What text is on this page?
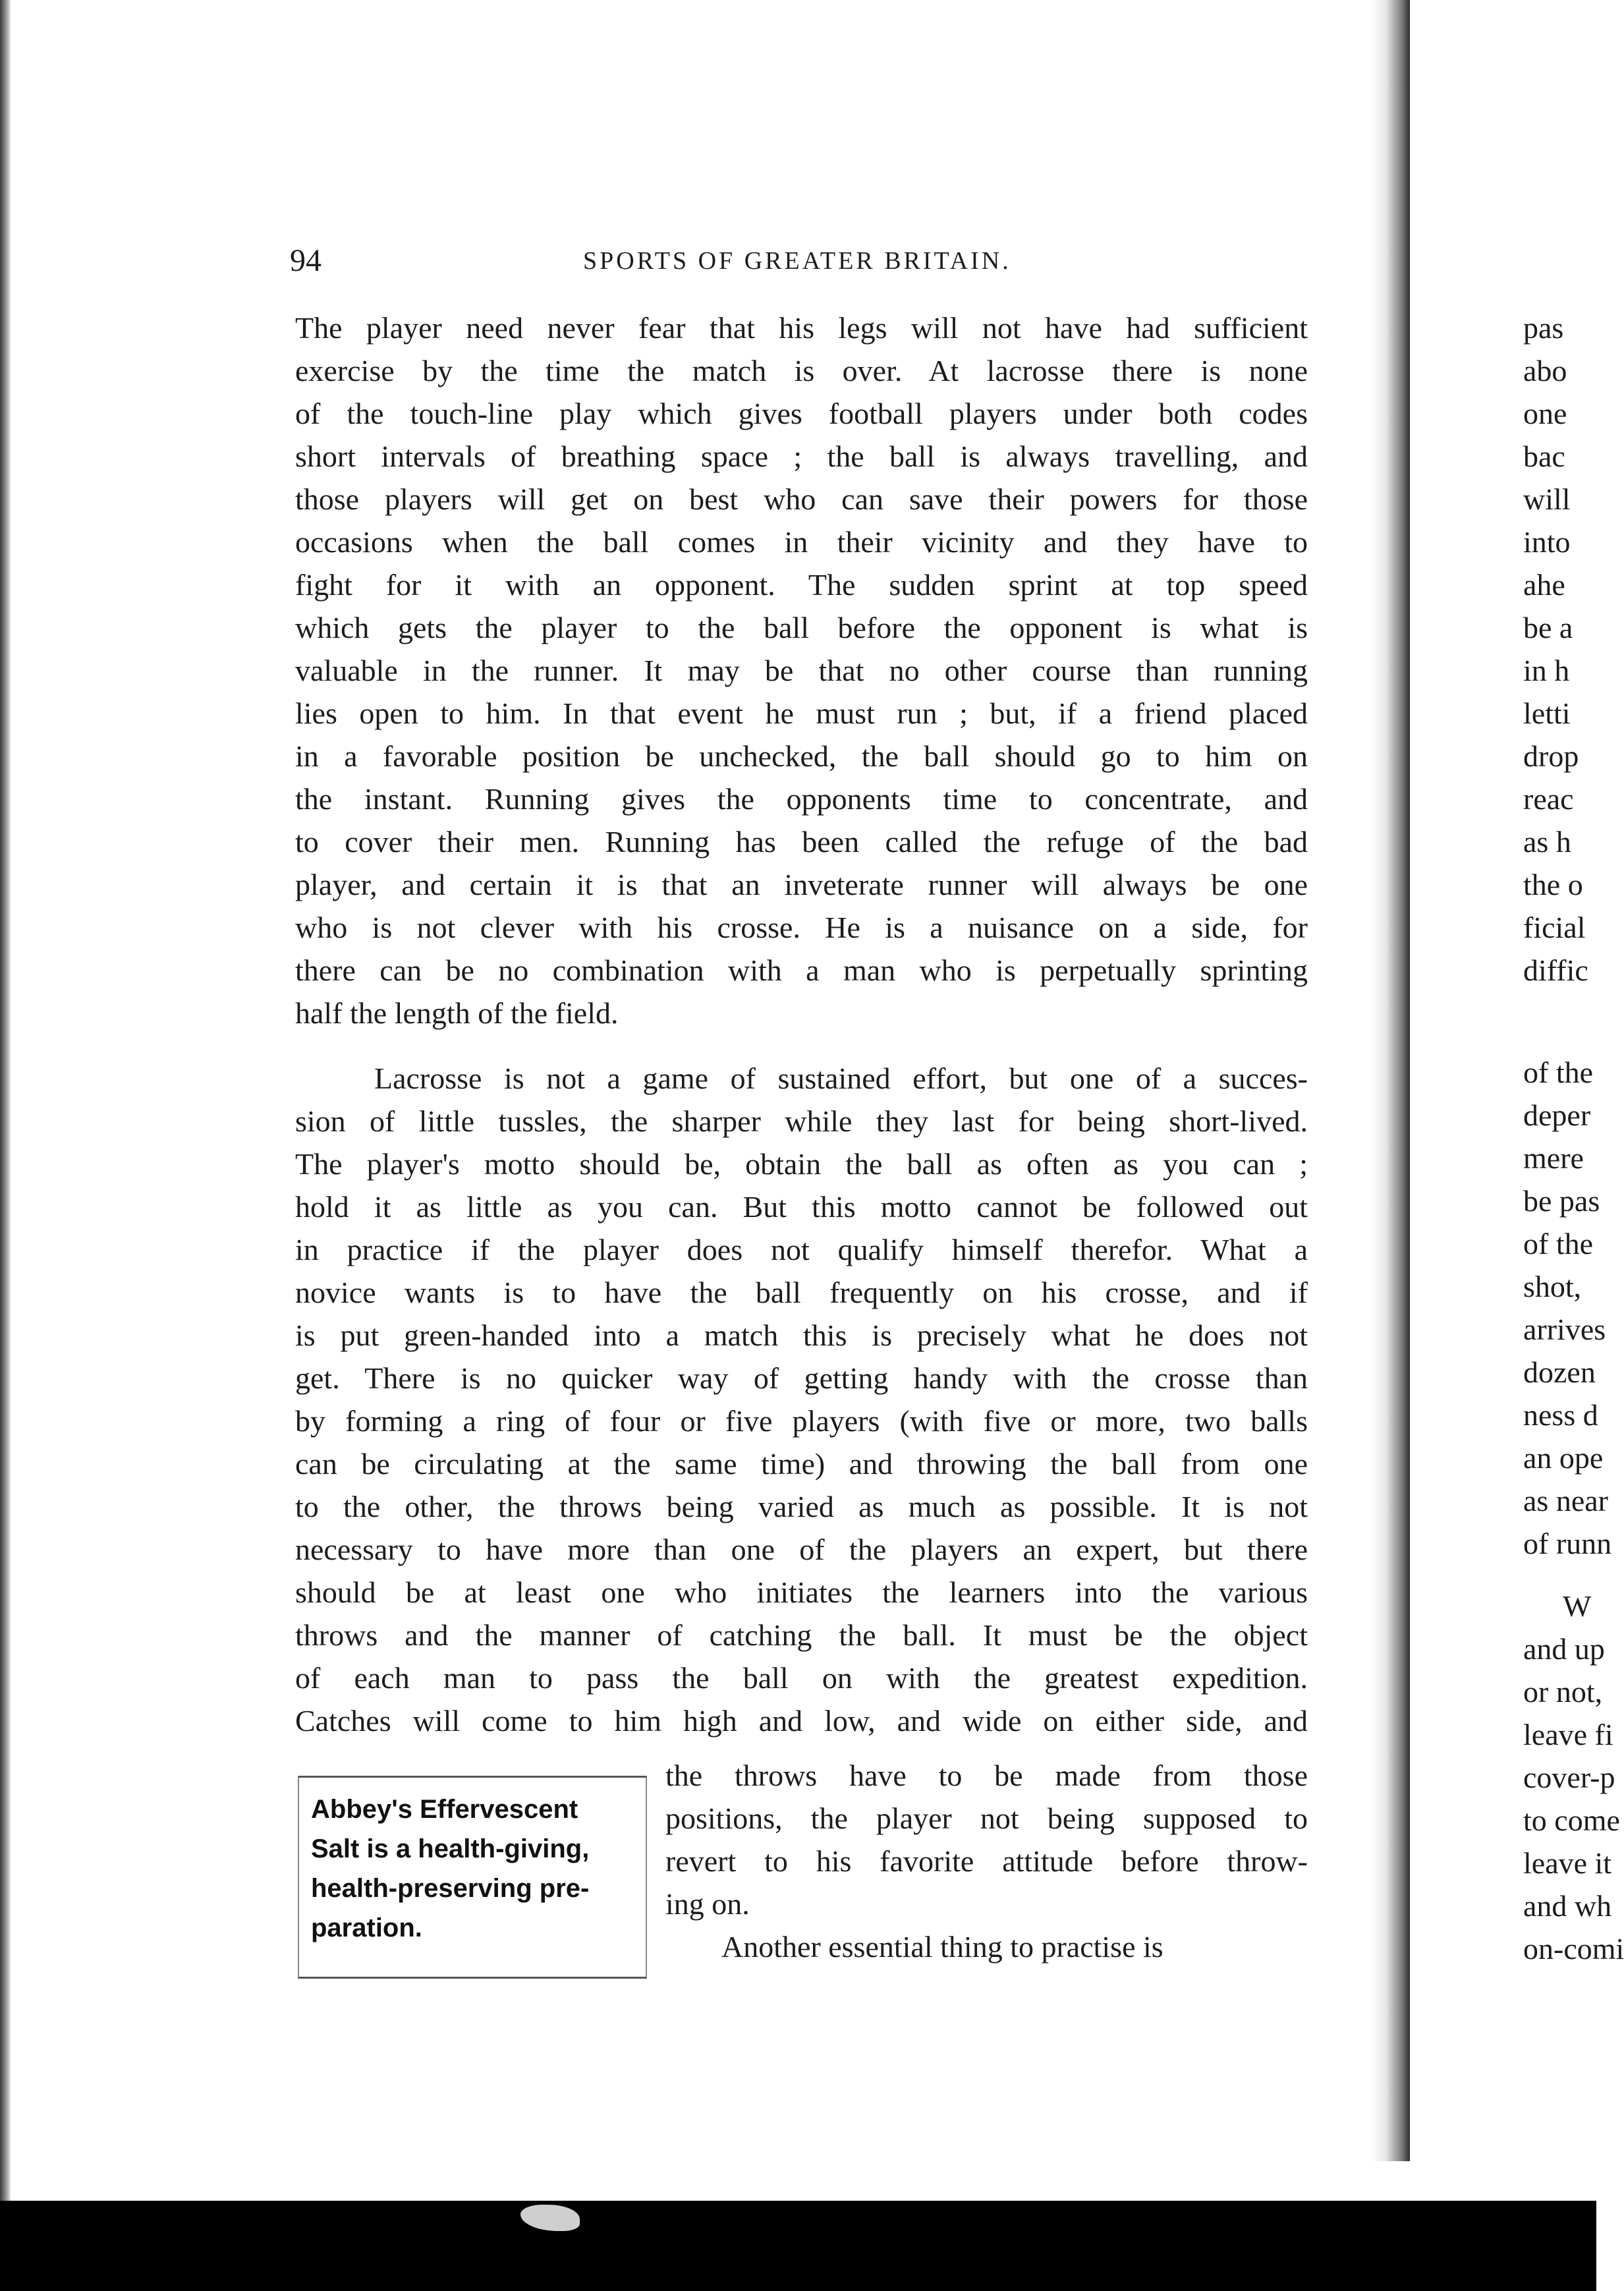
94	SPORTS OF GREATER BRITAIN.
The player need never fear that his legs will not have had sufficient
exercise by the time the match is over. At lacrosse there is none
of the touch-line play which gives football players under both codes
short intervals of breathing space ; the ball is always travelling, and
those players will get on best who can save their powers for those
occasions when the ball comes in their vicinity and they have to
fight for it with an opponent. The sudden sprint at top speed
which gets the player to the ball before the opponent is what is
valuable in the runner. It may be that no other course than running
lies open to him. In that event he must run ; but, if a friend placed
in a favorable position be unchecked, the ball should go to him on
the instant. Running gives the opponents time to concentrate, and
to cover their men. Running has been called the refuge of the bad
player, and certain it is that an inveterate runner will always be one
who is not clever with his crosse. He is a nuisance on a side, for
there can be no combination with a man who is perpetually sprinting
half the length of the field.
Lacrosse is not a game of sustained effort, but one of a succes-
sion of little tussles, the sharper while they last for being short-lived.
The player's motto should be, obtain the ball as often as you can ;
hold it as little as you can. But this motto cannot be followed out
in practice if the player does not qualify himself therefor. What a
novice wants is to have the ball frequently on his crosse, and if
is put green-handed into a match this is precisely what he does not
get. There is no quicker way of getting handy with the crosse than
by forming a ring of four or five players (with five or more, two balls
can be circulating at the same time) and throwing the ball from one
to the other, the throws being varied as much as possible. It is not
necessary to have more than one of the players an expert, but there
should be at least one who initiates the learners into the various
throws and the manner of catching the ball. It must be the object
of each man to pass the ball on with the greatest expedition.
Catches will come to him high and low, and wide on either side, and
the throws have to be made from those
positions, the player not being supposed to
revert to his favorite attitude before throw-
ing on.
Another essential thing to practise is
Abbey's Effervescent
Salt is a health-giving,
health-preserving pre-
paration.
pas
abo
one
bac
will
into
ahe
be a
in h
letti
drop
reac
as h
the o
ficial
diffic
of the
deper
mere
be pas
of the
shot,
arrives
dozen
ness d
an ope
as near
of runn
W
and up
or not,
leave fi
cover-p
to come
leave it
and wh
on-comi
